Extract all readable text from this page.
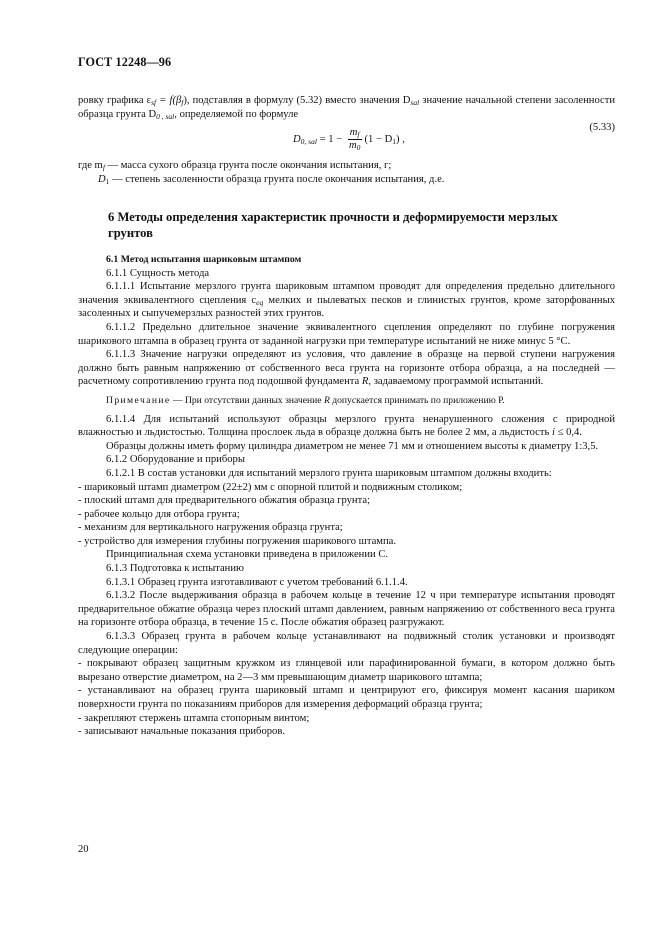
ГОСТ 12248—96

ровку графика $\varepsilon_{sf} = f(\beta_f)$, подставляя в формулу (5.32) вместо значения $D_{sal}$ значение начальной степени засоленности образца грунта $D_{0 , sal}$, определяемой по формуле

$D_{0, sal} = 1 - \frac{m_f}{m_0} (1 - D_1)$ ,
(5.33)

где $m_f$ — масса сухого образца грунта после окончания испытания, г;

$D_1$ — степень засоленности образца грунта после окончания испытания, д.е.

6 Методы определения характеристик прочности и деформируемости мерзлых грунтов

6.1 Метод испытания шариковым штампом

6.1.1 Сущность метода

6.1.1.1 Испытание мерзлого грунта шариковым штампом проводят для определения предельно длительного значения эквивалентного сцепления $c_{eq}$ мелких и пылеватых песков и глинистых грунтов, кроме заторфованных засоленных и сыпучемерзлых разностей этих грунтов.

6.1.1.2 Предельно длительное значение эквивалентного сцепления определяют по глубине погружения шарикового штампа в образец грунта от заданной нагрузки при температуре испытаний не ниже минус 5 °С.

6.1.1.3 Значение нагрузки определяют из условия, что давление в образце на первой ступени нагружения должно быть равным напряжению от собственного веса грунта на горизонте отбора образца, а на последней — расчетному сопротивлению грунта под подошвой фундамента R, задаваемому программой испытаний.

Примечание — При отсутствии данных значение R допускается принимать по приложению Р.

6.1.1.4 Для испытаний используют образцы мерзлого грунта ненарушенного сложения с природной влажностью и льдистостью. Толщина прослоек льда в образце должна быть не более 2 мм, а льдистость i ≤ 0,4.

Образцы должны иметь форму цилиндра диаметром не менее 71 мм и отношением высоты к диаметру 1:3,5.

6.1.2 Оборудование и приборы

6.1.2.1 В состав установки для испытаний мерзлого грунта шариковым штампом должны входить:

- шариковый штамп диаметром (22±2) мм с опорной плитой и подвижным столиком;

- плоский штамп для предварительного обжатия образца грунта;

- рабочее кольцо для отбора грунта;

- механизм для вертикального нагружения образца грунта;

- устройство для измерения глубины погружения шарикового штампа.

Принципиальная схема установки приведена в приложении С.

6.1.3 Подготовка к испытанию

6.1.3.1 Образец грунта изготавливают с учетом требований 6.1.1.4.

6.1.3.2 После выдерживания образца в рабочем кольце в течение 12 ч при температуре испытания проводят предварительное обжатие образца через плоский штамп давлением, равным напряжению от собственного веса грунта на горизонте отбора образца, в течение 15 с. После обжатия образец разгружают.

6.1.3.3 Образец грунта в рабочем кольце устанавливают на подвижный столик установки и производят следующие операции:

- покрывают образец защитным кружком из глянцевой или парафинированной бумаги, в котором должно быть вырезано отверстие диаметром, на 2—3 мм превышающим диаметр шарикового штампа;

- устанавливают на образец грунта шариковый штамп и центрируют его, фиксируя момент касания шариком поверхности грунта по показаниям приборов для измерения деформаций образца грунта;

- закрепляют стержень штампа стопорным винтом;

- записывают начальные показания приборов.

20
